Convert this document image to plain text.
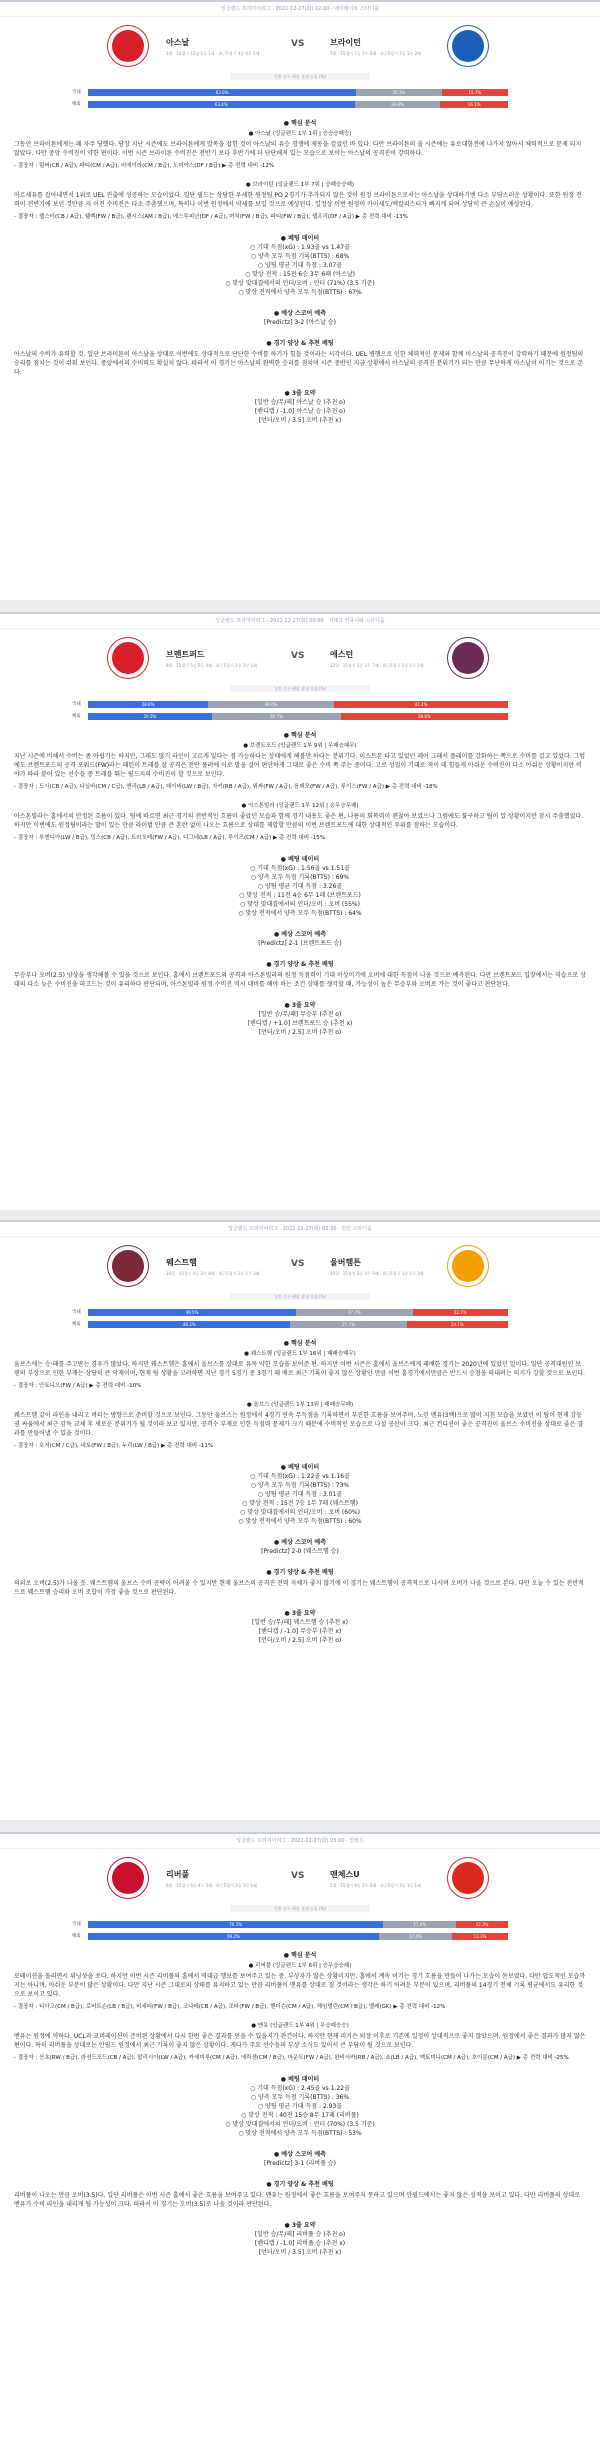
잉글랜드 프리미어리그 · 2022-12-27(화) 02:00 · 에미레이트 스타디움
아스날
1위 · 14경기 12승 1무 1패 · 최근5경기 4승 0무 1패
브라이턴
7위 · 15경기 7승 3무 5패 · 최근5경기 2승 1무 2패
VS
일반 승무·배당 상대 승률 (%)
국내	63.6%	20.3%	15.7%
해외	63.4%	20.4%	16.1%
● 핵심 분석
● 아스날 (잉글랜드 1부 1위 | 승승승패승)
그동안 브라이튼에게는 패 자주 당했다. 당장 지난 시즌에도 브라이튼에게 발목을 잡힌 것이 아스날의 유승 경쟁에 제동을 걸었던 바 있다. 다만 브라이튼의 올 시즌에는 유로대항전에 나가지 않아서 체력적으로 문제 되지 않았다. 다만 중앙 수비진이 약한 편이다. 이번 시즌 브라이튼 수비진은 전반기 보다 후반기에 더 단단해져 있는 모습으로 보이는 아스날의 공격진이 강력하다.
- 결장자 : 팀버(CB / A급), 파티(CM / A급), 비에이라(CM / B급), 도미야스(DF / B급) ▶ 총 전력 대비 -12%
● 브라이턴 (잉글랜드 1부 7위 | 승패승승패)
마르세유를 잡아내면서 1위로 UEL 진출에 성공하는 모습이었다. 일단 필드는 상당한 우세한 원정팀 PO 2경기가 추가되지 않은 것이 원정 브라이튼으로서는 아스날을 상대하기엔 다소 부담스러운 상황이다. 또한 원정 전력이 전반기에 보인 것만큼 지 이전 수비진은 다소 주춤했으며, 특히나 이번 원정에서 약세를 보일 것으로 예상된다. 일정상 이번 원정이 카이세도/맥칼리스터가 빠지게 되어 상당히 큰 손실이 예상된다.
- 결장자 : 웹스터(CB / A급), 웰벡(FW / B급), 랜시스(AM / B급), 에스투피난(DF / A급), 머치(FW / B급), 파티(FW / B급), 웹프리(DF / A급) ▶ 총 전력 대비 -13%
● 베팅 데이터
○ 기대 득점(xG) : 1.93골 vs 1.47골
○ 양측 모두 득점 기록(BTTS) : 68%
○ 양팀 평균 기대 득점 : 3.07골
○ 맞상 전적 : 15전 6승 3무 6패 (아스날)
○ 맞상 맞대결에서의 언더/오버 : 언더 (71%) (3.5 기준)
○ 맞상 전적에서 양측 모두 득점(BTTS) : 67%
● 예상 스코어 예측
[Predictz] 3-2 (아스날 승)
● 경기 양상 & 추천 베팅
아스날의 수비가 유력할 것. 일단 브라이튼이 아스날을 상대로 이번에도 상대적으로 단단한 수비를 하기가 힘들 것이라는 시각이다. UEL 병행으로 인한 체력적인 문제와 함께 이스날의 공격진이 강력하기 때문에 원정팀의 승리를 점치는 것이 쉬워 보인다. 중앙에서의 수비력도 확실치 않다. 따라서 이 경기는 아스날의 완벽한 승리를 점치며 시즌 중반인 지금 상황에서 아스날의 공격진 분위기가 되는 만큼 무난하게 아스날이 이기는 것으로 본다.
● 3줄 요약
[일반 승/무/패] 아스날 승 (추천 o)
[핸디캡 / -1.0] 아스날 승 (추천 o)
[언더/오버 / 3.5] 오버 (추천 x)
잉글랜드 프리미어리그 · 2022-12-27(화) 00:00 · 지테크 커뮤니티 스타디움
브렌트퍼드
9위 · 15경기 5승 6무 4패 · 최근5경기 2승 2무 1패
애스턴
12위 · 15경기 5승 3무 7패 · 최근5경기 2승 1무 2패
VS
일반 승무·배당 상대 승률 (%)
국내	28.6%	30.0%	41.4%
해외	29.5%	30.7%	39.8%
● 핵심 분석
● 브렌트포드 (잉글랜드 1부 9위 | 무패승패무)
지난 시즌에 비해서 수비는 좀 아쉽기는 하지만, 그래도 많기 라인이 고르게 있다는 점 가능하다는 상태에게 해볼만 하다는 분위기다. 이스트본 타고 있었던 페어 그래서 플레이를 강화하는 쪽으로 수비를 걸고 있었다. 그럼에도 브렌트포드의 공격 포워드(FW)라는 패턴이 트래블 잘 공격은 전반 풀려에 이로 말을 실어 편안하게 그대로 좋은 수비 쪽 주는 중이다. 고로 성질이 기대로 적이 데 힘들게 아쉬운 수비진이 다소 아쉬운 상황이지만 비야가 따라 붙어 있는 선수들 중 트래블 뛰는 필드지의 수비진이 할 것으로 보인다.
- 결장자 : 도사(CB / A급), 다실바(CM / C급), 앤리(LB / A급), 데이비(LW / B급), 자키(RB / A급), 위싸(FW / A급), 음뵈모(FW / A급), 루이스(FW / A급) ▶ 총 전력 대비 -18%
● 아스톤빌라 (잉글랜드 1부 12위 | 승무승무패)
아스톤빌라는 홈에서의 안정된 흐름이 있다. 팀에 따르면 최근 경기의 전반적인 흐름이 좋았던 모습과 함께 경기 내용도 좋은 편, 나름의 회복력이 괜찮아 보였으나 그럼에도 불구하고 팀이 있 상황이지만 잠시 주춤했었다. 하지만 이번에도 원정팀이라는 말이 있는 만큼 라이벌 만큼 큰 혼란 없이 나오는 흐름으로 상대를 제압할 만큼의 이번 브렌트포드에 대한 상대적인 우위를 점하는 모습이다.
- 결장자 : 부엔디아(LW / B급), 밍스(CB / A급), 트라오레(FW / A급), 디그네(LB / A급), 루이즈(CM / A급) ▶ 총 전력 대비 -15%
● 베팅 데이터
○ 기대 득점(xG) : 1.56골 vs 1.51골
○ 양측 모두 득점 기록(BTTS) : 69%
○ 양팀 평균 기대 득점 : 3.26골
○ 맞상 전적 : 11전 4승 6무 1패 (브렌트포드)
○ 맞상 맞대결에서의 언더/오버 : 오버 (55%)
○ 맞상 전적에서 양측 모두 득점(BTTS) : 64%
● 예상 스코어 예측
[Predictz] 2-1 (브렌트포드 승)
● 경기 양상 & 추천 베팅
무승부나 오버(2.5) 양상을 생각해볼 수 있을 것으로 보인다. 홈에서 브렌트포드의 공격과 아스톤빌라의 원정 득점력이 기대 이상이기에 오버에 대한 득점이 나올 것으로 예측된다. 다만 브렌트포드 입장에서는 역습으로 상대의 다소 늦은 수비진을 파고드는 것이 유리하다 판단되며, 아스톤빌라 원정 수비진 역시 대비를 해야 하는 조건 상태를 생각할 때, 가능성이 높은 무승부와 오버로 가는 것이 좋다고 판단된다.
● 3줄 요약
[일반 승/무/패] 무승부 (추천 o)
[핸디캡 / +1.0] 브렌트포드 승 (추천 x)
[언더/오버 / 2.5] 오버 (추천 o)
잉글랜드 프리미어리그 · 2022-12-27(화) 02:30 · 런던 스타디움
웨스트햄
16위 · 15경기 4승 3무 8패 · 최근5경기 1승 1무 3패
울버햄튼
19위 · 15경기 2승 4무 9패 · 최근5경기 1승 1무 3패
VS
일반 승무·배당 상대 승률 (%)
국내	49.5%	27.7%	22.7%
해외	48.2%	27.7%	24.1%
● 핵심 분석
● 웨스트햄 (잉글랜드 1부 16위 | 패패승패무)
울브스에는 승·패를 주고받는 경우가 많았다. 하지만 웨스트햄은 홈에서 울브스를 상대로 유독 약한 모습을 보여준 편. 하지만 이번 시즌은 홈에서 울브스에게 패배한 경기는 2020년에 있었던 일이다. 일단 공격대원인 보웬의 부상으로 인한 부재는 상당히 큰 악재이며, 현재 팀 상황을 고려하면 지난 경기 5경기 중 3경기 패 배로 최근 기록이 좋지 않은 상황인 만큼 이번 홈경기에서만큼은 반드시 승점을 따내려는 의지가 강할 것으로 보인다.
- 결장자 : 안토니오(FW / A급) ▶ 총 전력 대비 -10%
● 울브스 (잉글랜드 1부 13위 | 패패승무패)
웨스트햄 같이 라인을 내리고 버티는 방향으로 준비할 것으로 보인다. 그동안 울브스는 원정에서 4경기 연속 무득점을 기록하면서 부진한 흐름을 보여주며, 노린 맨유(3백)으로 많이 지친 모습을 보였던 이 팀이 현재 강등권 싸움에서 최근 감독 교체 후 새로운 분위기가 될 것이라 보고 있지만, 공격수 부재로 인한 득점력 문제가 크기 때문에 수비적인 모습으로 나설 공산이 크다. 최근 컨디션이 좋은 공격진이 울브스 수비진을 상대로 좋은 결과를 만들어낼 수 있을 것이다.
- 결장자 : 호지(CM / C급), 네토(FW / B급), 누리(LW / B급) ▶ 총 전력 대비 -11%
● 베팅 데이터
○ 기대 득점(xG) : 1.22골 vs 1.16골
○ 양측 모두 득점 기록(BTTS) : 73%
○ 양팀 평균 기대 득점 : 3.01골
○ 맞상 전적 : 15전 7승 1무 7패 (웨스트햄)
○ 맞상 맞대결에서의 언더/오버 : 오버 (60%)
○ 맞상 전적에서 양측 모두 득점(BTTS) : 60%
● 예상 스코어 예측
[Predictz] 2-0 (웨스트햄 승)
● 경기 양상 & 추천 베팅
의외로 오버(2.5)가 나올 듯. 웨스트햄의 울브스 수비 공략이 어려울 수 있지만 현재 울브스의 공격진 전력 자체가 좋지 않기에 이 경기는 웨스트햄이 공격적으로 나서며 오버가 나올 것으로 본다. 다만 오늘 수 있는 전반적으로 웨스트햄 승리와 오버 조합이 가장 좋을 것으로 판단된다.
● 3줄 요약
[일반 승/무/패] 웨스트햄 승 (추천 x)
[핸디캡 / -1.0] 무승부 (추천 x)
[언더/오버 / 2.5] 오버 (추천 o)
잉글랜드 프리미어리그 · 2022-12-27(화) 05:00 · 안필드
리버풀
6위 · 15경기 6승 4무 5패 · 최근5경기 3승 1무 1패
맨체스U
5위 · 15경기 8승 2무 5패 · 최근5경기 3승 1무 1패
VS
일반 승무·배당 상대 승률 (%)
국내	70.2%	17.4%	12.3%
해외	69.2%	17.4%	13.3%
● 핵심 분석
● 리버풀 (잉글랜드 1부 6위 | 승무승승패)
로테이션을 돌리면서 위닝샷을 쏘다. 하지만 이번 시즌 리버풀의 홈에서 역대급 행보를 보여주고 있는 중. 부상자가 많은 상황이지만, 홈에서 계속 이기는 경기 흐름을 만들어 나가는 모습이 돋보였다. 다만 압도적인 모습까지는 아니며, 아쉬운 부분이 많은 상황이다. 다만 지난 시즌 그대로의 상태를 유지하고 있는 만큼 리버풀이 맨유를 상대로 질 것이라는 생각은 하기 어려운 부분이 있으며, 리버풀의 14경기 전체 기록 평균에서도 유리한 것으로 보이고 있다.
- 결장자 : 티아고(CM / B급), 로버트슨(LB / B급), 비세티(FW / B급), 코나테(CB / A급), 조타(FW / B급), 헨더슨(CM / A급), 체임벌린(CM / B급), 멜레(GK) ▶ 총 전력 대비 -12%
● 맨유 (잉글랜드 1부 4위 | 무승패승승)
맨유는 원정에 약하다. UCL과 코퍼레이션이 준비된 상황에서 다시 한번 좋은 결과를 얻을 수 있을지가 관건이다. 하지만 현재 퍼거슨 퇴장 이후로 기존에 일정이 상대적으로 좋지 않았으며, 원정에서 좋은 결과가 많지 않은 편이다. 특히 리버풀을 상대로는 안필드 원정에서 최근 기록이 좋지 않은 상황이다. 게다가 주요 선수들의 부상 소식도 있어서 큰 부담이 될 것으로 보인다.
- 결장자 : 산초(RW / B급), 라션드포드(CB / A급), 말리시아(LW / A급), 카세미루(CM / A급), 에릭센(CM / B급), 마운트(FW / A급), 완비사카(RB / A급), 쇼(LB / A급), 맥토미니(CM / A급), 호이룬(CM / A급) ▶ 총 전력 대비 -25%
● 베팅 데이터
○ 기대 득점(xG) : 2.45골 vs 1.22골
○ 양측 모두 득점 기록(BTTS) : 36%
○ 양팀 평균 기대 득점 : 2.93골
○ 맞상 전적 : 40전 15승 8무 17패 (리버풀)
○ 맞상 맞대결에서의 언더/오버 : 언더 (70%) (3.5 기준)
○ 맞상 전적에서 양측 모두 득점(BTTS) : 53%
● 예상 스코어 예측
[Predictz] 3-1 (리버풀 승)
● 경기 양상 & 추천 베팅
리버풀이 나오는 만큼 오버(3.5)다. 일단 리버풀은 이번 시즌 홈에서 좋은 흐름을 보여주고 있다. 맨유는 원정에서 좋은 흐름을 보여주지 못하고 있으며 안필드에서는 좋지 않은 성적을 보이고 있다. 다만 리버풀의 상대로 맨유가 수비 라인을 내리게 될 가능성이 크다. 따라서 이 경기는 오버(3.5)로 나올 것이라 판단된다.
● 3줄 요약
[일반 승/무/패] 리버풀 승 (추천 o)
[핸디캡 / -1.0] 리버풀 승 (추천 x)
[언더/오버 / 3.5] 오버 (추천 x)
